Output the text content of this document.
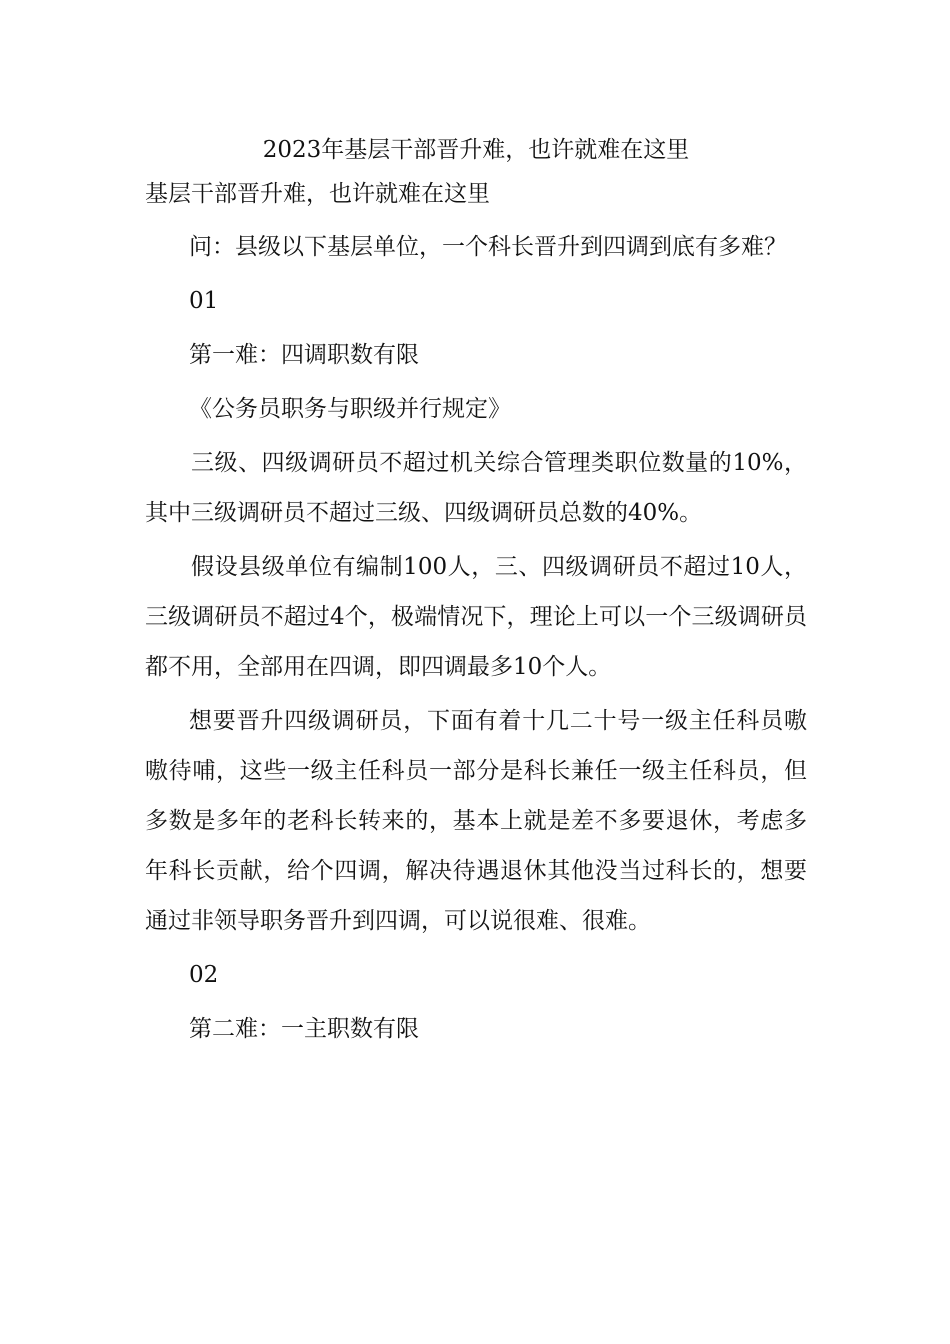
2023年基层干部晋升难，也许就难在这里
基层干部晋升难，也许就难在这里

问：县级以下基层单位，一个科长晋升到四调到底有多难？

01

第一难：四调职数有限

《公务员职务与职级并行规定》

三级、四级调研员不超过机关综合管理类职位数量的10%，其中三级调研员不超过三级、四级调研员总数的40%。

假设县级单位有编制100人，三、四级调研员不超过10人，三级调研员不超过4个，极端情况下，理论上可以一个三级调研员都不用，全部用在四调，即四调最多10个人。

想要晋升四级调研员，下面有着十几二十号一级主任科员嗷嗷待哺，这些一级主任科员一部分是科长兼任一级主任科员，但多数是多年的老科长转来的，基本上就是差不多要退休，考虑多年科长贡献，给个四调，解决待遇退休其他没当过科长的，想要通过非领导职务晋升到四调，可以说很难、很难。

02

第二难：一主职数有限
